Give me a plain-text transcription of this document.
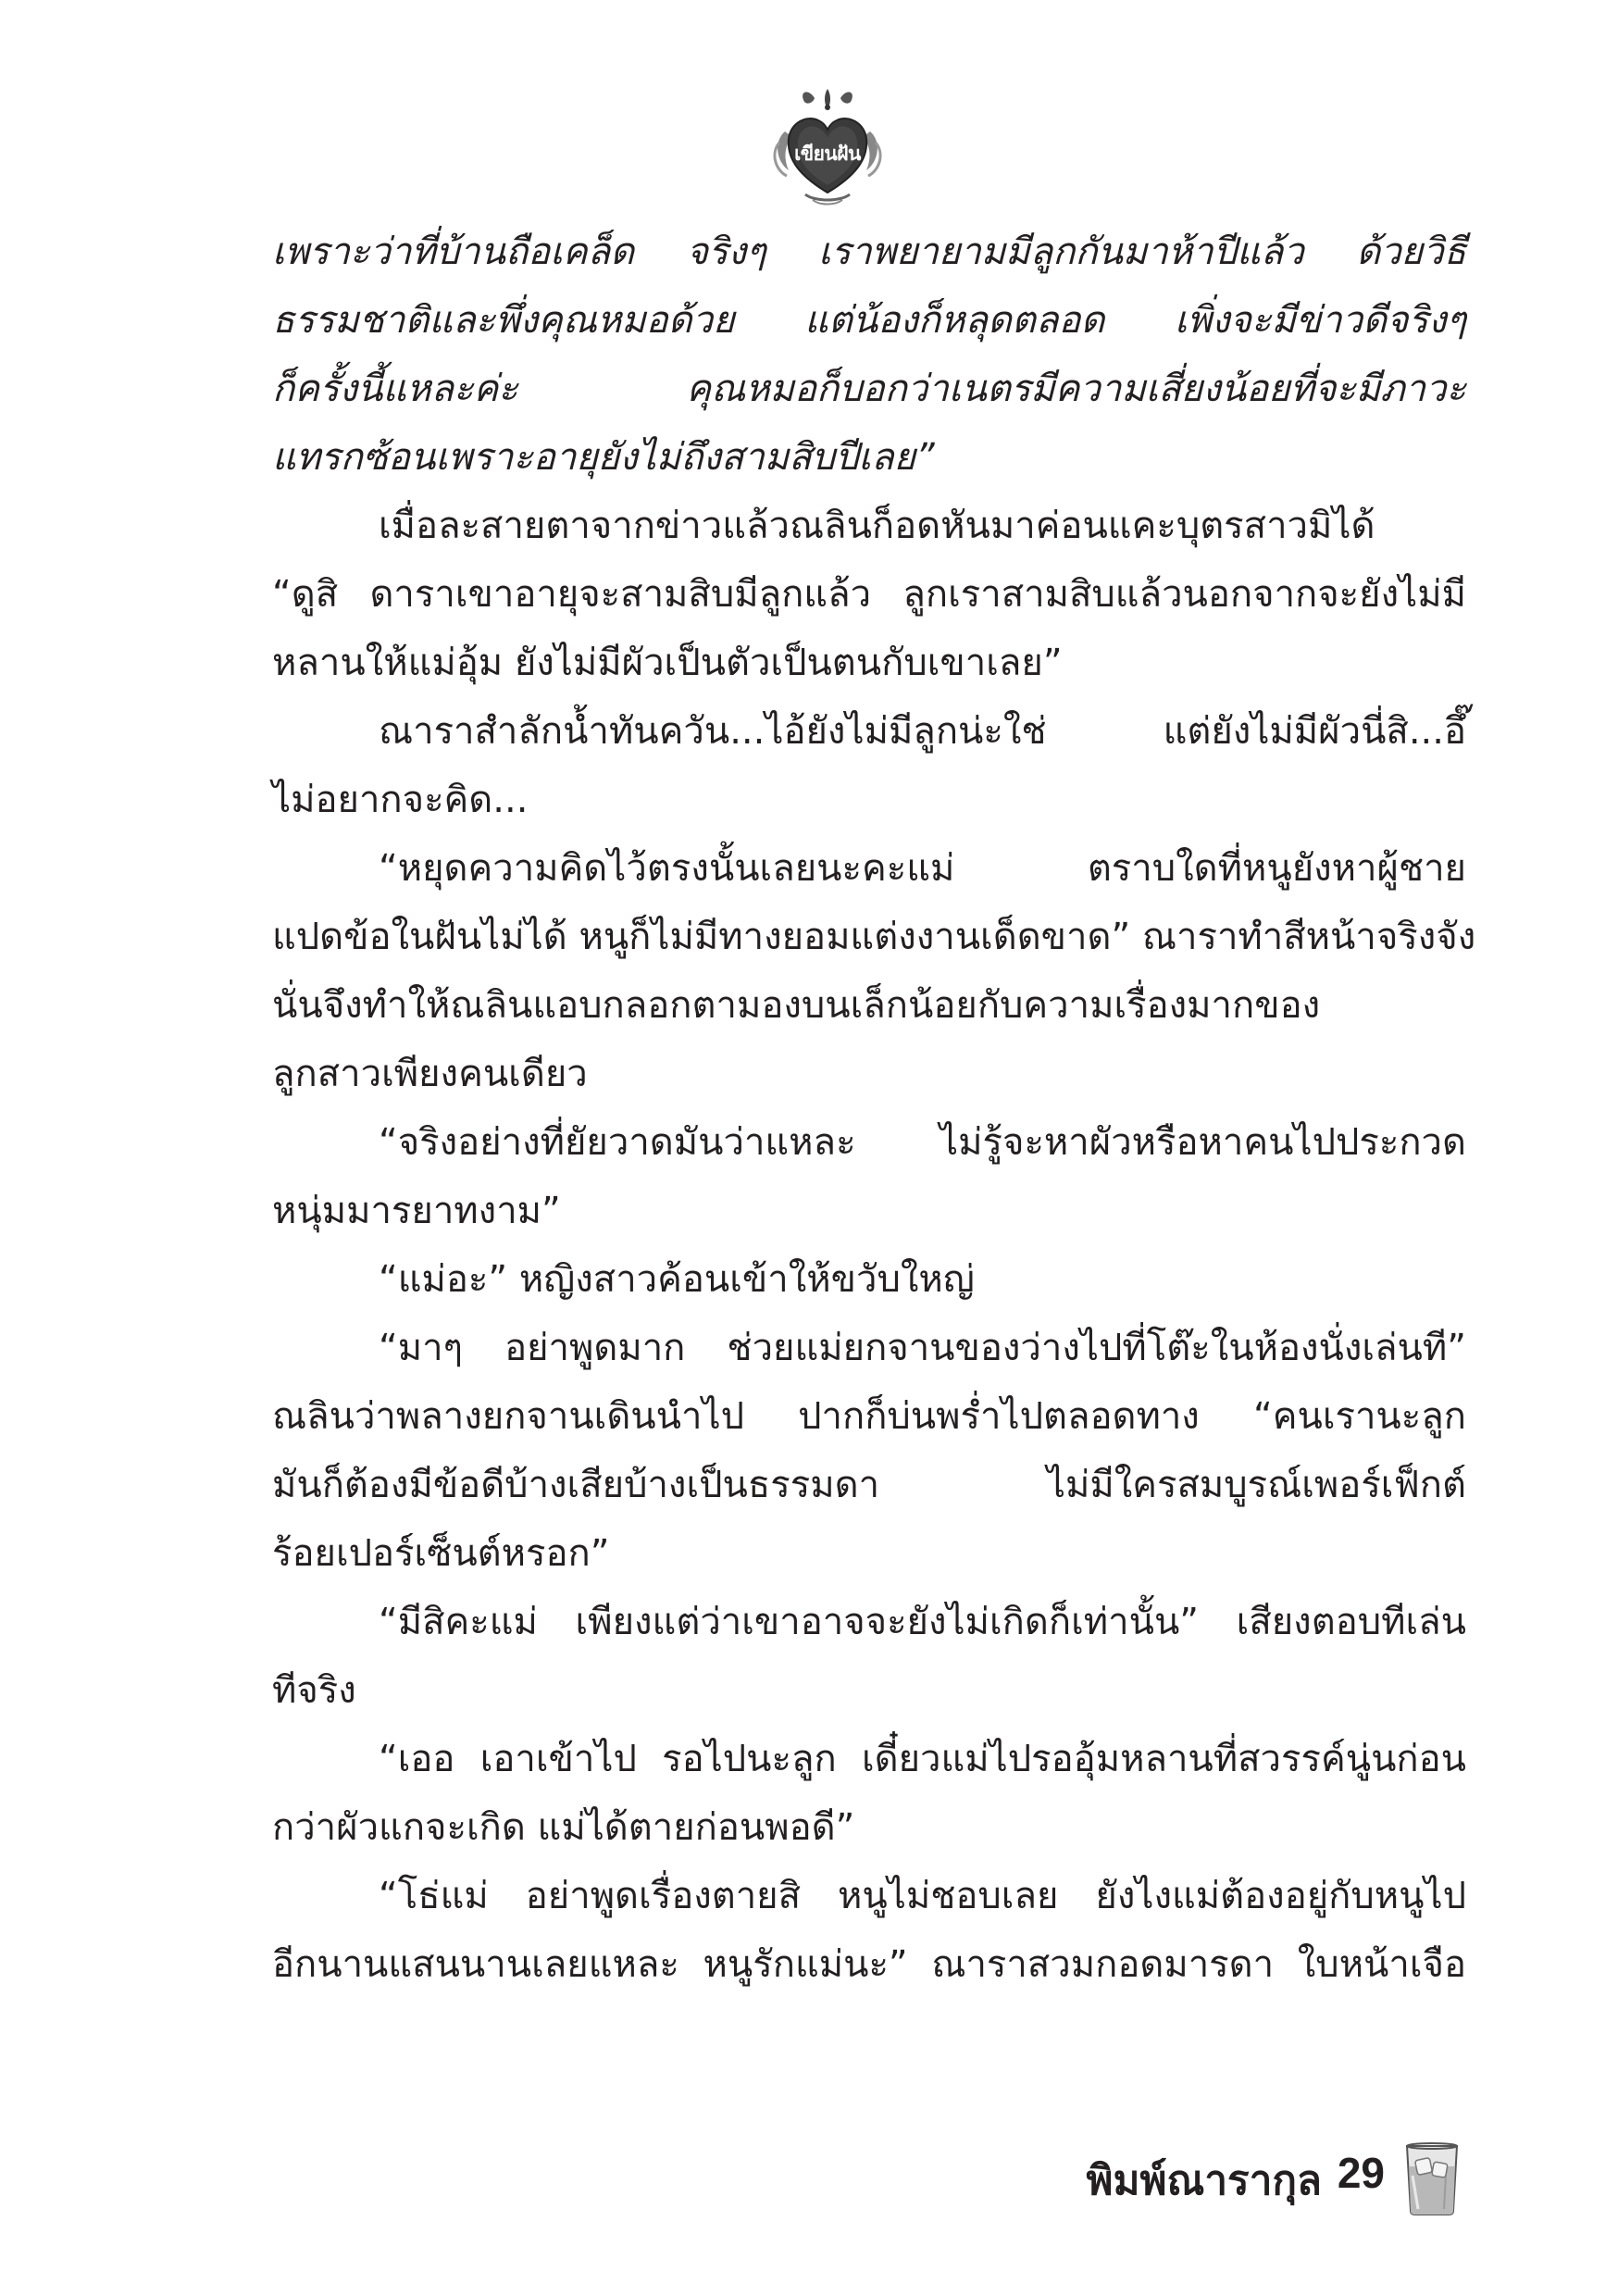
เขียนฝัน
เพราะว่าที่บ้านถือเคล็ด จริงๆ เราพยายามมีลูกกันมาห้าปีแล้ว ด้วยวิธี
ธรรมชาติและพึ่งคุณหมอด้วย แต่น้องก็หลุดตลอด เพิ่งจะมีข่าวดีจริงๆ
ก็ครั้งนี้แหละค่ะ คุณหมอก็บอกว่าเนตรมีความเสี่ยงน้อยที่จะมีภาวะ
แทรกซ้อนเพราะอายุยังไม่ถึงสามสิบปีเลย”
เมื่อละสายตาจากข่าวแล้วณลินก็อดหันมาค่อนแคะบุตรสาวมิได้
“ดูสิ ดาราเขาอายุจะสามสิบมีลูกแล้ว ลูกเราสามสิบแล้วนอกจากจะยังไม่มี
หลานให้แม่อุ้ม ยังไม่มีผัวเป็นตัวเป็นตนกับเขาเลย”
ณาราสำลักน้ำทันควัน...ไอ้ยังไม่มีลูกน่ะใช่ แต่ยังไม่มีผัวนี่สิ...อึ๊
ไม่อยากจะคิด...
“หยุดความคิดไว้ตรงนั้นเลยนะคะแม่ ตราบใดที่หนูยังหาผู้ชาย
แปดข้อในฝันไม่ได้ หนูก็ไม่มีทางยอมแต่งงานเด็ดขาด” ณาราทำสีหน้าจริงจัง
นั่นจึงทำให้ณลินแอบกลอกตามองบนเล็กน้อยกับความเรื่องมากของ
ลูกสาวเพียงคนเดียว
“จริงอย่างที่ยัยวาดมันว่าแหละ ไม่รู้จะหาผัวหรือหาคนไปประกวด
หนุ่มมารยาทงาม”
“แม่อะ” หญิงสาวค้อนเข้าให้ขวับใหญ่
“มาๆ อย่าพูดมาก ช่วยแม่ยกจานของว่างไปที่โต๊ะในห้องนั่งเล่นที”
ณลินว่าพลางยกจานเดินนำไป ปากก็บ่นพร่ำไปตลอดทาง “คนเรานะลูก
มันก็ต้องมีข้อดีบ้างเสียบ้างเป็นธรรมดา ไม่มีใครสมบูรณ์เพอร์เฟ็กต์
ร้อยเปอร์เซ็นต์หรอก”
“มีสิคะแม่ เพียงแต่ว่าเขาอาจจะยังไม่เกิดก็เท่านั้น” เสียงตอบทีเล่น
ทีจริง
“เออ เอาเข้าไป รอไปนะลูก เดี๋ยวแม่ไปรออุ้มหลานที่สวรรค์นู่นก่อน
กว่าผัวแกจะเกิด แม่ได้ตายก่อนพอดี”
“โธ่แม่ อย่าพูดเรื่องตายสิ หนูไม่ชอบเลย ยังไงแม่ต้องอยู่กับหนูไป
อีกนานแสนนานเลยแหละ หนูรักแม่นะ” ณาราสวมกอดมารดา ใบหน้าเจือ
พิมพ์ณารากุล 29
